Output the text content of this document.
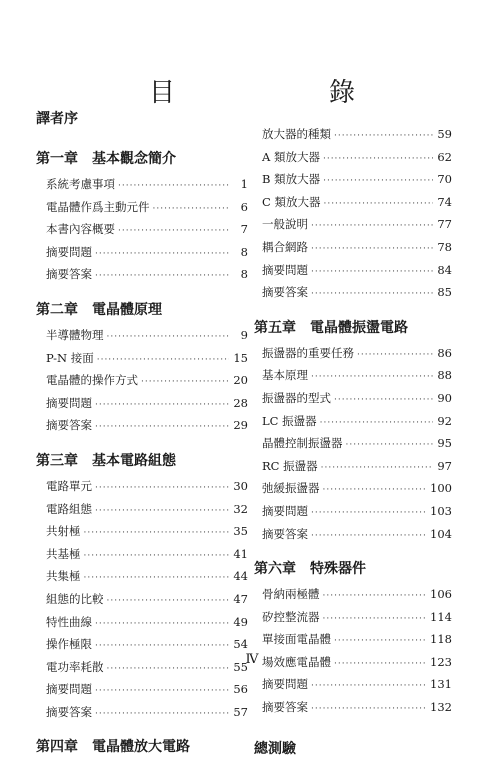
目　　錄
譯者序
第一章　基本觀念簡介
系統考慮事項 ·····	1
電晶體作爲主動元件 ·····	6
本書內容概要 ·····	7
摘要問題 ·····	8
摘要答案 ·····	8
第二章　電晶體原理
半導體物理 ·····	9
P-N 接面 ·····	15
電晶體的操作方式 ·····	20
摘要問題 ·····	28
摘要答案 ·····	29
第三章　基本電路組態
電路單元 ·····	30
電路組態 ·····	32
共射極 ·····	35
共基極 ·····	41
共集極 ·····	44
組態的比較 ·····	47
特性曲線 ·····	49
操作極限 ·····	54
電功率耗散 ·····	55
摘要問題 ·····	56
摘要答案 ·····	57
第四章　電晶體放大電路
放大器的種類 ·····	59
A 類放大器 ·····	62
B 類放大器 ·····	70
C 類放大器 ·····	74
一般說明 ·····	77
耦合網路 ·····	78
摘要問題 ·····	84
摘要答案 ·····	85
第五章　電晶體振盪電路
振盪器的重要任務 ·····	86
基本原理 ·····	88
振盪器的型式 ·····	90
LC 振盪器 ·····	92
晶體控制振盪器 ·····	95
RC 振盪器 ·····	97
弛緩振盪器 ·····	100
摘要問題 ·····	103
摘要答案 ·····	104
第六章　特殊器件
骨納兩極體 ·····	106
矽控整流器 ·····	114
單接面電晶體 ·····	118
場效應電晶體 ·····	123
摘要問題 ·····	131
摘要答案 ·····	132
總測驗
Ⅳ
